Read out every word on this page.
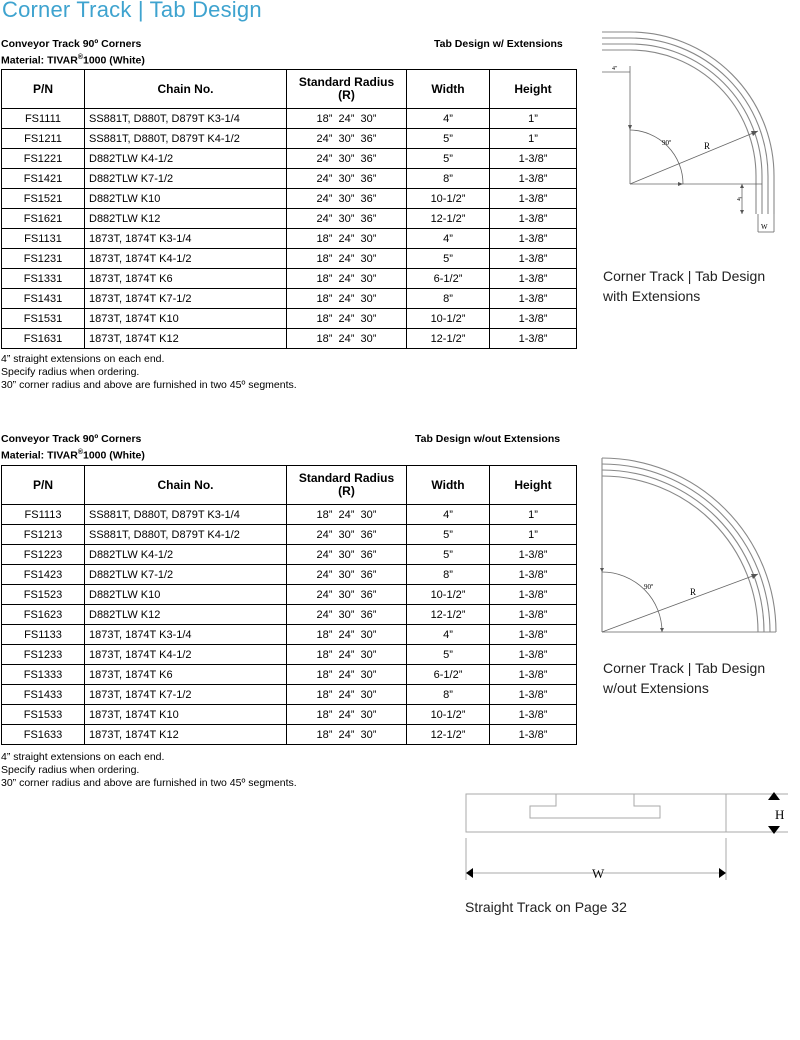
Corner Track | Tab Design
Conveyor Track 90º Corners
Material: TIVAR®1000 (White)
Tab Design w/ Extensions
P/N	Chain No.	Standard Radius (R)	Width	Height
FS1111	SS881T, D880T, D879T K3-1/4	18”  24”  30”	4”	1”
FS1211	SS881T, D880T, D879T K4-1/2	24”  30”  36”	5”	1”
FS1221	D882TLW K4-1/2	24”  30”  36”	5”	1-3/8”
FS1421	D882TLW K7-1/2	24”  30”  36”	8”	1-3/8”
FS1521	D882TLW K10	24”  30”  36”	10-1/2”	1-3/8”
FS1621	D882TLW K12	24”  30”  36”	12-1/2”	1-3/8”
FS1131	1873T, 1874T K3-1/4	18”  24”  30”	4”	1-3/8”
FS1231	1873T, 1874T K4-1/2	18”  24”  30”	5”	1-3/8”
FS1331	1873T, 1874T K6	18”  24”  30”	6-1/2”	1-3/8”
FS1431	1873T, 1874T K7-1/2	18”  24”  30”	8”	1-3/8”
FS1531	1873T, 1874T K10	18”  24”  30”	10-1/2”	1-3/8”
FS1631	1873T, 1874T K12	18”  24”  30”	12-1/2”	1-3/8”
4” straight extensions on each end.
Specify radius when ordering.
30” corner radius and above are furnished in two 45º segments.
4"
90º	R
4"
W
Corner Track | Tab Design
with Extensions
Conveyor Track 90º Corners
Material: TIVAR®1000 (White)
Tab Design w/out Extensions
P/N	Chain No.	Standard Radius (R)	Width	Height
FS1113	SS881T, D880T, D879T K3-1/4	18”  24”  30”	4”	1”
FS1213	SS881T, D880T, D879T K4-1/2	24”  30”  36”	5”	1”
FS1223	D882TLW K4-1/2	24”  30”  36”	5”	1-3/8”
FS1423	D882TLW K7-1/2	24”  30”  36”	8”	1-3/8”
FS1523	D882TLW K10	24”  30”  36”	10-1/2”	1-3/8”
FS1623	D882TLW K12	24”  30”  36”	12-1/2”	1-3/8”
FS1133	1873T, 1874T K3-1/4	18”  24”  30”	4”	1-3/8”
FS1233	1873T, 1874T K4-1/2	18”  24”  30”	5”	1-3/8”
FS1333	1873T, 1874T K6	18”  24”  30”	6-1/2”	1-3/8”
FS1433	1873T, 1874T K7-1/2	18”  24”  30”	8”	1-3/8”
FS1533	1873T, 1874T K10	18”  24”  30”	10-1/2”	1-3/8”
FS1633	1873T, 1874T K12	18”  24”  30”	12-1/2”	1-3/8”
4” straight extensions on each end.
Specify radius when ordering.
30” corner radius and above are furnished in two 45º segments.
90º	R
Corner Track | Tab Design
w/out Extensions
H
W
Straight Track on Page 32
